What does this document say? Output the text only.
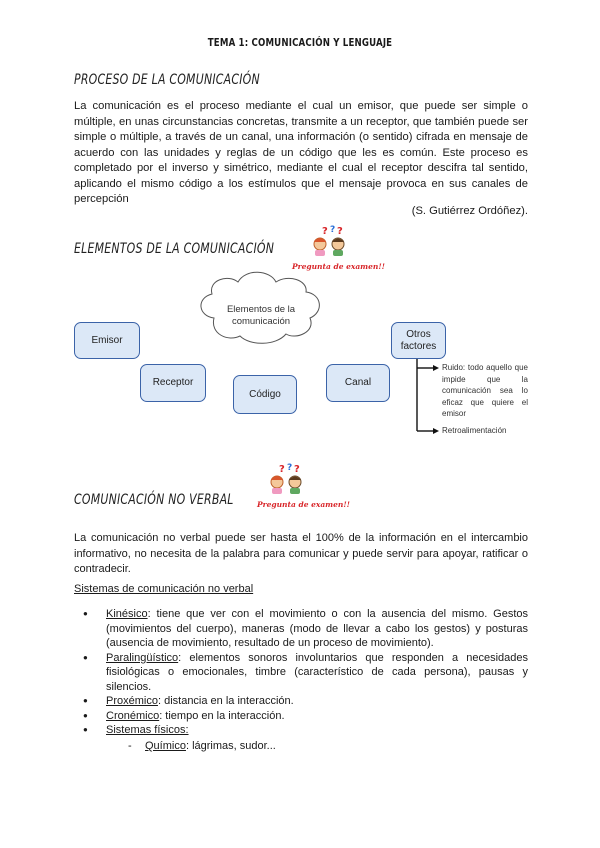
TEMA 1: COMUNICACIÓN Y LENGUAJE
PROCESO DE LA COMUNICACIÓN
La comunicación es el proceso mediante el cual un emisor, que puede ser simple o múltiple, en unas circunstancias concretas, transmite a un receptor, que también puede ser simple o múltiple, a través de un canal, una información (o sentido) cifrada en mensaje de acuerdo con las unidades y reglas de un código que les es común. Este proceso es completado por el inverso y simétrico, mediante el cual el receptor descifra tal sentido, aplicando el mismo código a los estímulos que el mensaje provoca en sus canales de percepción
(S. Gutiérrez Ordóñez).
ELEMENTOS DE LA COMUNICACIÓN
? ? ?
Pregunta de examen!!
Elementos de la comunicación
Emisor
Receptor
Código
Canal
Otros factores
Ruido: todo aquello que impide que la comunicación sea lo eficaz que quiere el emisor
Retroalimentación
COMUNICACIÓN NO VERBAL
? ? ?
Pregunta de examen!!
La comunicación no verbal puede ser hasta el 100% de la información en el intercambio informativo, no necesita de la palabra para comunicar y puede servir para apoyar, ratificar o contradecir.
Sistemas de comunicación no verbal
● Kinésico: tiene que ver con el movimiento o con la ausencia del mismo. Gestos (movimientos del cuerpo), maneras (modo de llevar a cabo los gestos) y posturas (ausencia de movimiento, resultado de un proceso de movimiento).
● Paralingüístico: elementos sonoros involuntarios que responden a necesidades fisiológicas o emocionales, timbre (característico de cada persona), pausas y silencios.
● Proxémico: distancia en la interacción.
● Cronémico: tiempo en la interacción.
● Sistemas físicos:
- Químico: lágrimas, sudor...
